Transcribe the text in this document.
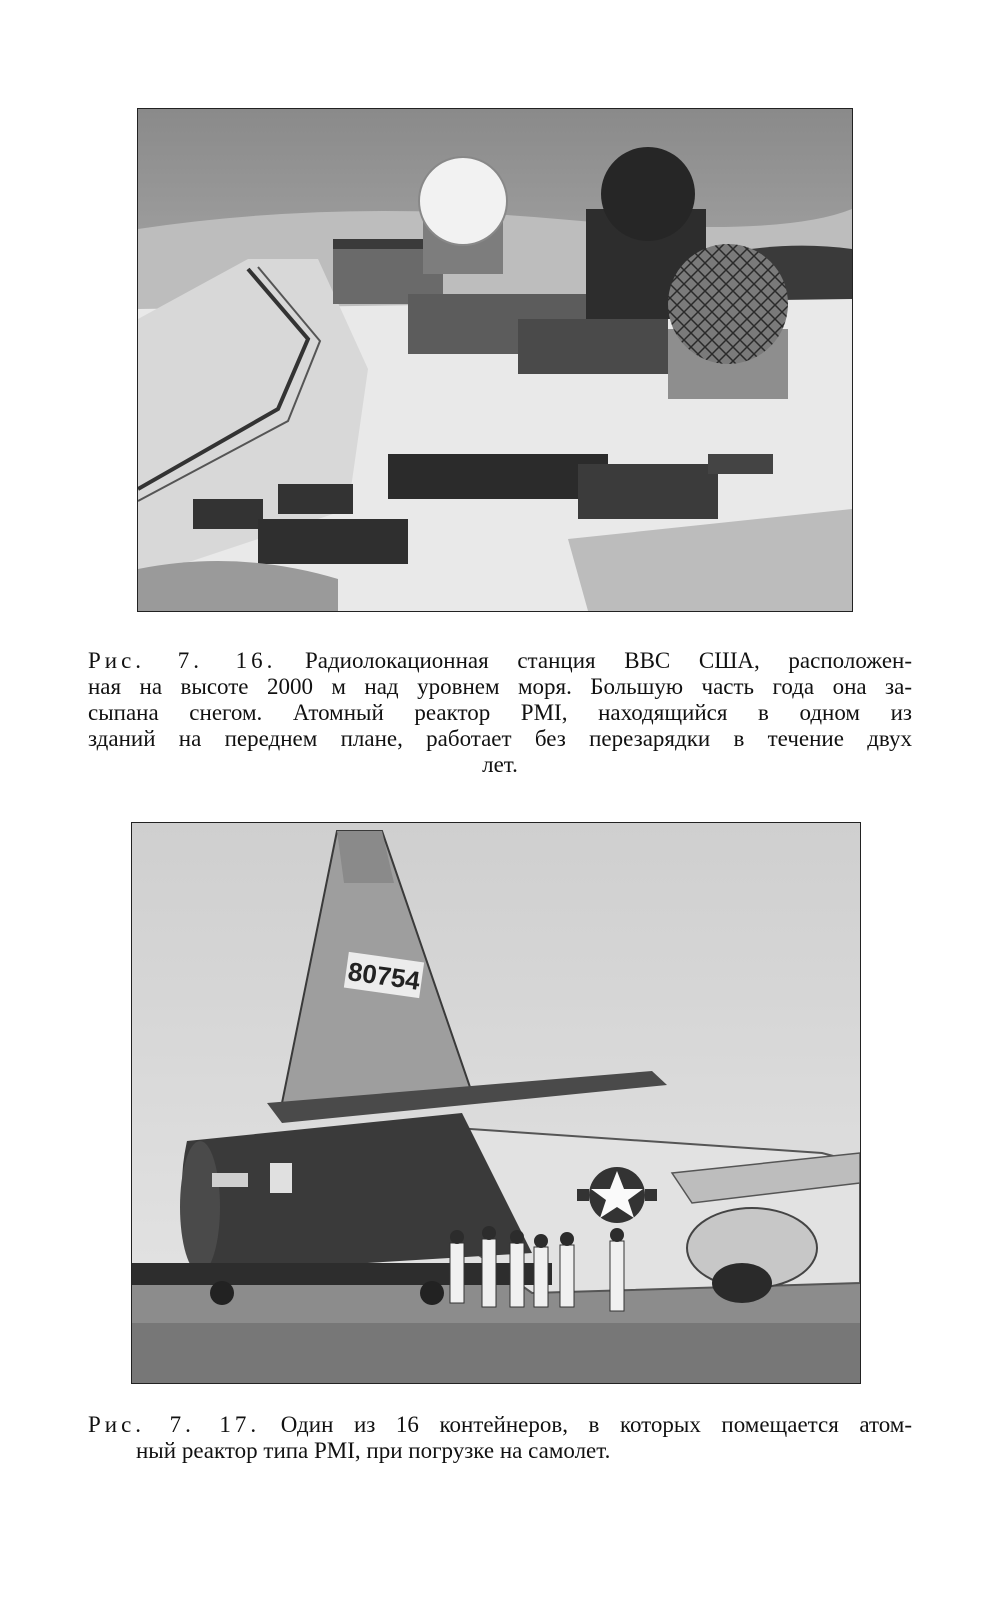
Рис. 7. 16. Радиолокационная станция ВВС США, расположен-
ная на высоте 2000 м над уровнем моря. Большую часть года она за-
сыпана снегом. Атомный реактор PMI, находящийся в одном из
зданий на переднем плане, работает без перезарядки в течение двух
лет.
80754
Рис. 7. 17. Один из 16 контейнеров, в которых помещается атом-
ный реактор типа PMI, при погрузке на самолет.
